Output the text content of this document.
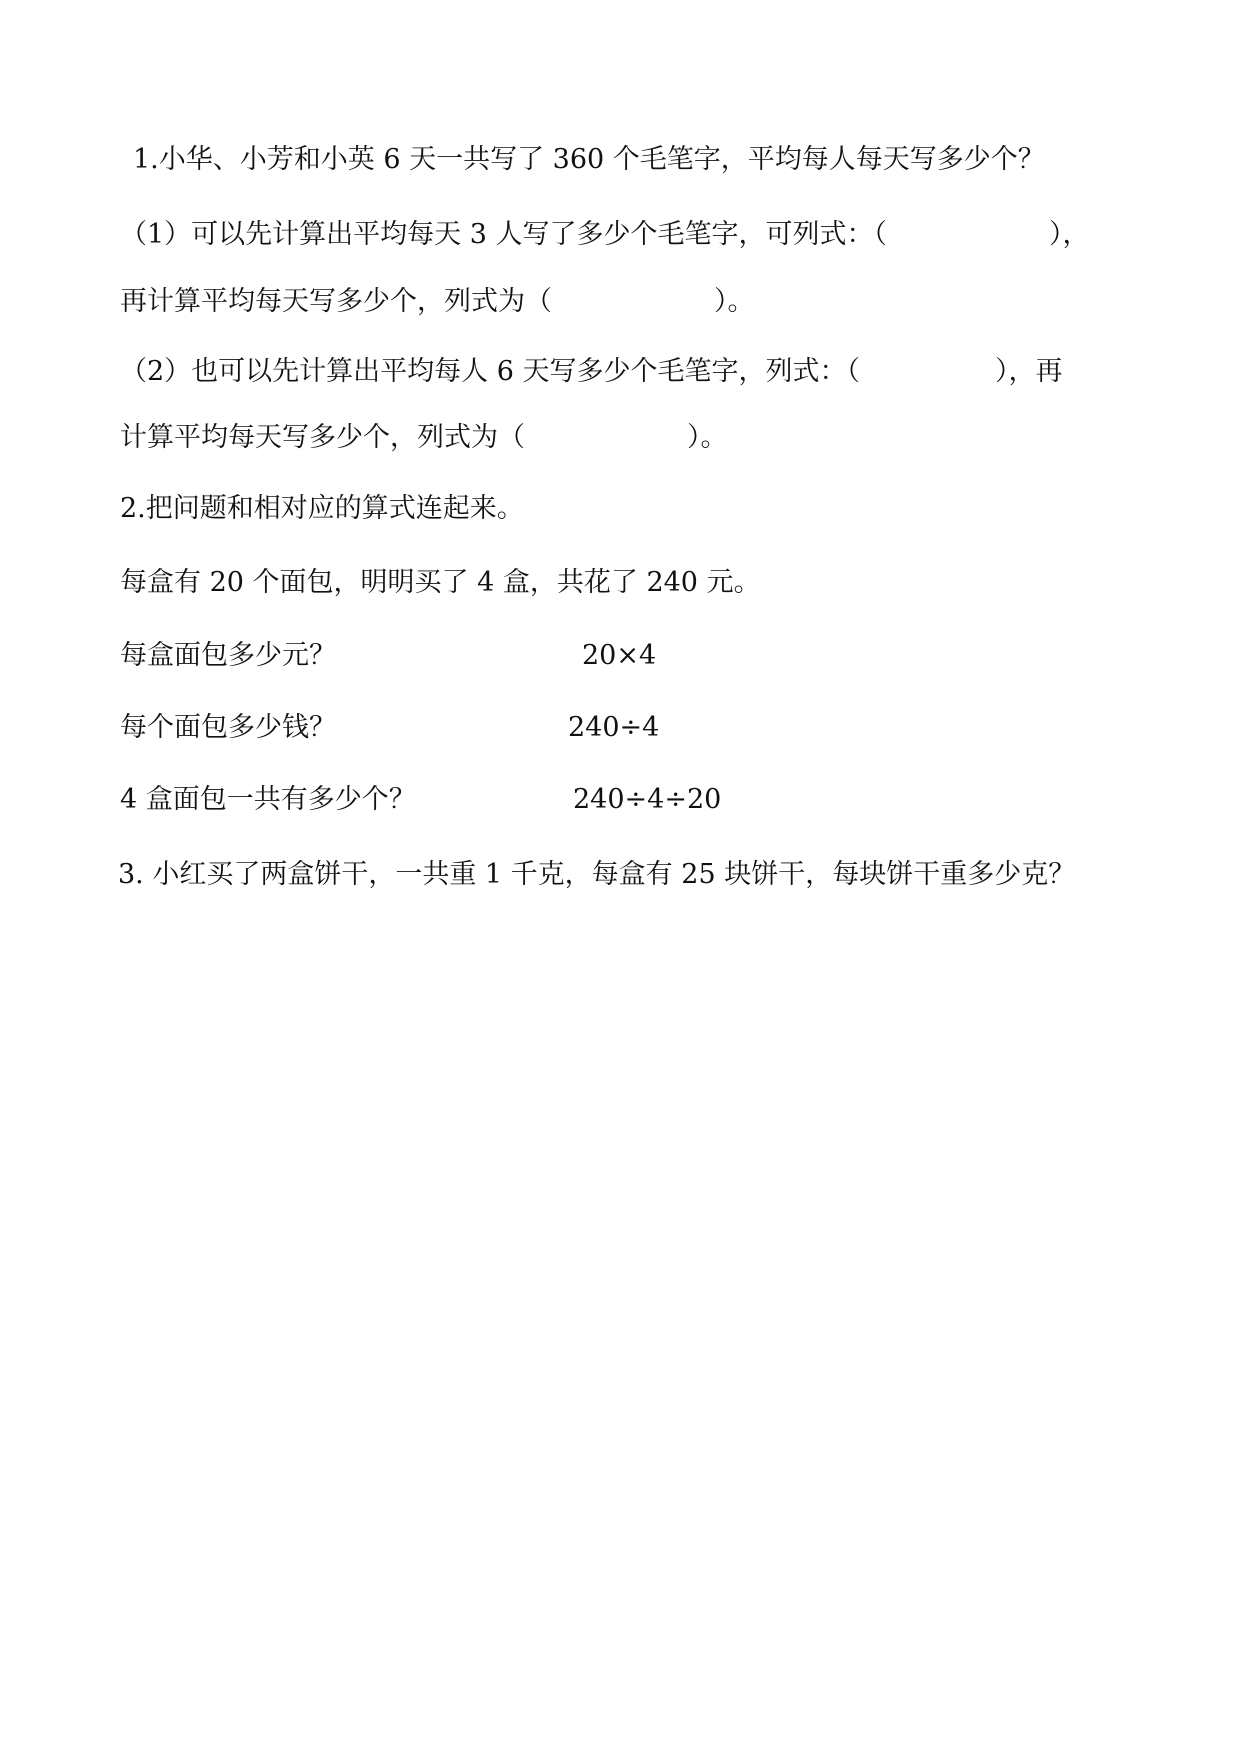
1.小华、小芳和小英 6 天一共写了 360 个毛笔字，平均每人每天写多少个？
（1）可以先计算出平均每天 3 人写了多少个毛笔字，可列式：（　　　　　　），
再计算平均每天写多少个，列式为（　　　　　　）。
（2）也可以先计算出平均每人 6 天写多少个毛笔字，列式：（　　　　　），再
计算平均每天写多少个，列式为（　　　　　　）。
2.把问题和相对应的算式连起来。
每盒有 20 个面包，明明买了 4 盒，共花了 240 元。
每盒面包多少元？	20×4
每个面包多少钱？	240÷4
4 盒面包一共有多少个？	240÷4÷20
3. 小红买了两盒饼干，一共重 1 千克，每盒有 25 块饼干，每块饼干重多少克？
